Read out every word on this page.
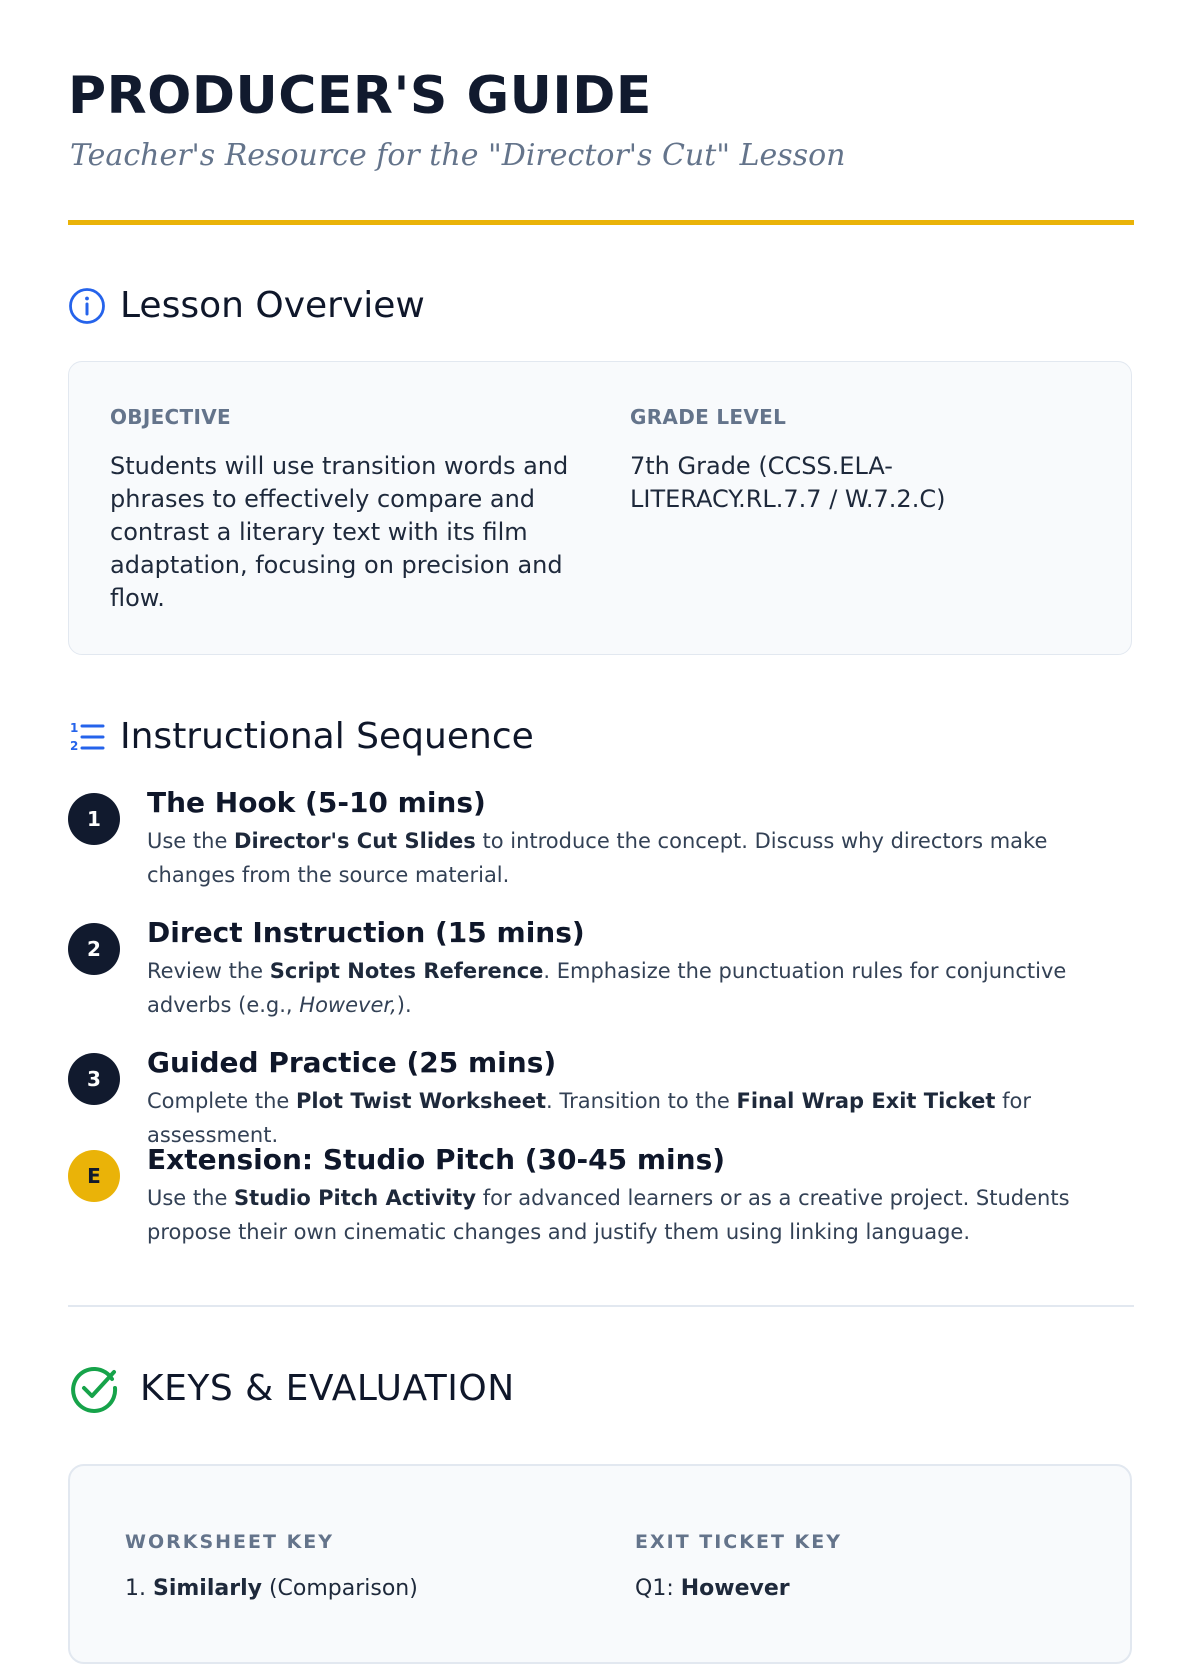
PRODUCER'S GUIDE

Teacher's Resource for the "Director's Cut" Lesson

Lesson Overview
OBJECTIVE
Students will use transition words and phrases to effectively compare and contrast a literary text with its film adaptation, focusing on precision and flow.
GRADE LEVEL
7th Grade (CCSS.ELA-LITERACY.RL.7.7 / W.7.2.C)
1
2 Instructional Sequence
1	The Hook (5-10 mins)

Use the Director's Cut Slides to introduce the concept. Discuss why directors make changes from the source material.

2	Direct Instruction (15 mins)

Review the Script Notes Reference. Emphasize the punctuation rules for conjunctive adverbs (e.g., However,).

3	Guided Practice (25 mins)

Complete the Plot Twist Worksheet. Transition to the Final Wrap Exit Ticket for assessment.

E	Extension: Studio Pitch (30-45 mins)

Use the Studio Pitch Activity for advanced learners or as a creative project. Students propose their own cinematic changes and justify them using linking language.

KEYS & EVALUATION
WORKSHEET KEY
1. Similarly (Comparison)
EXIT TICKET KEY
Q1: However
